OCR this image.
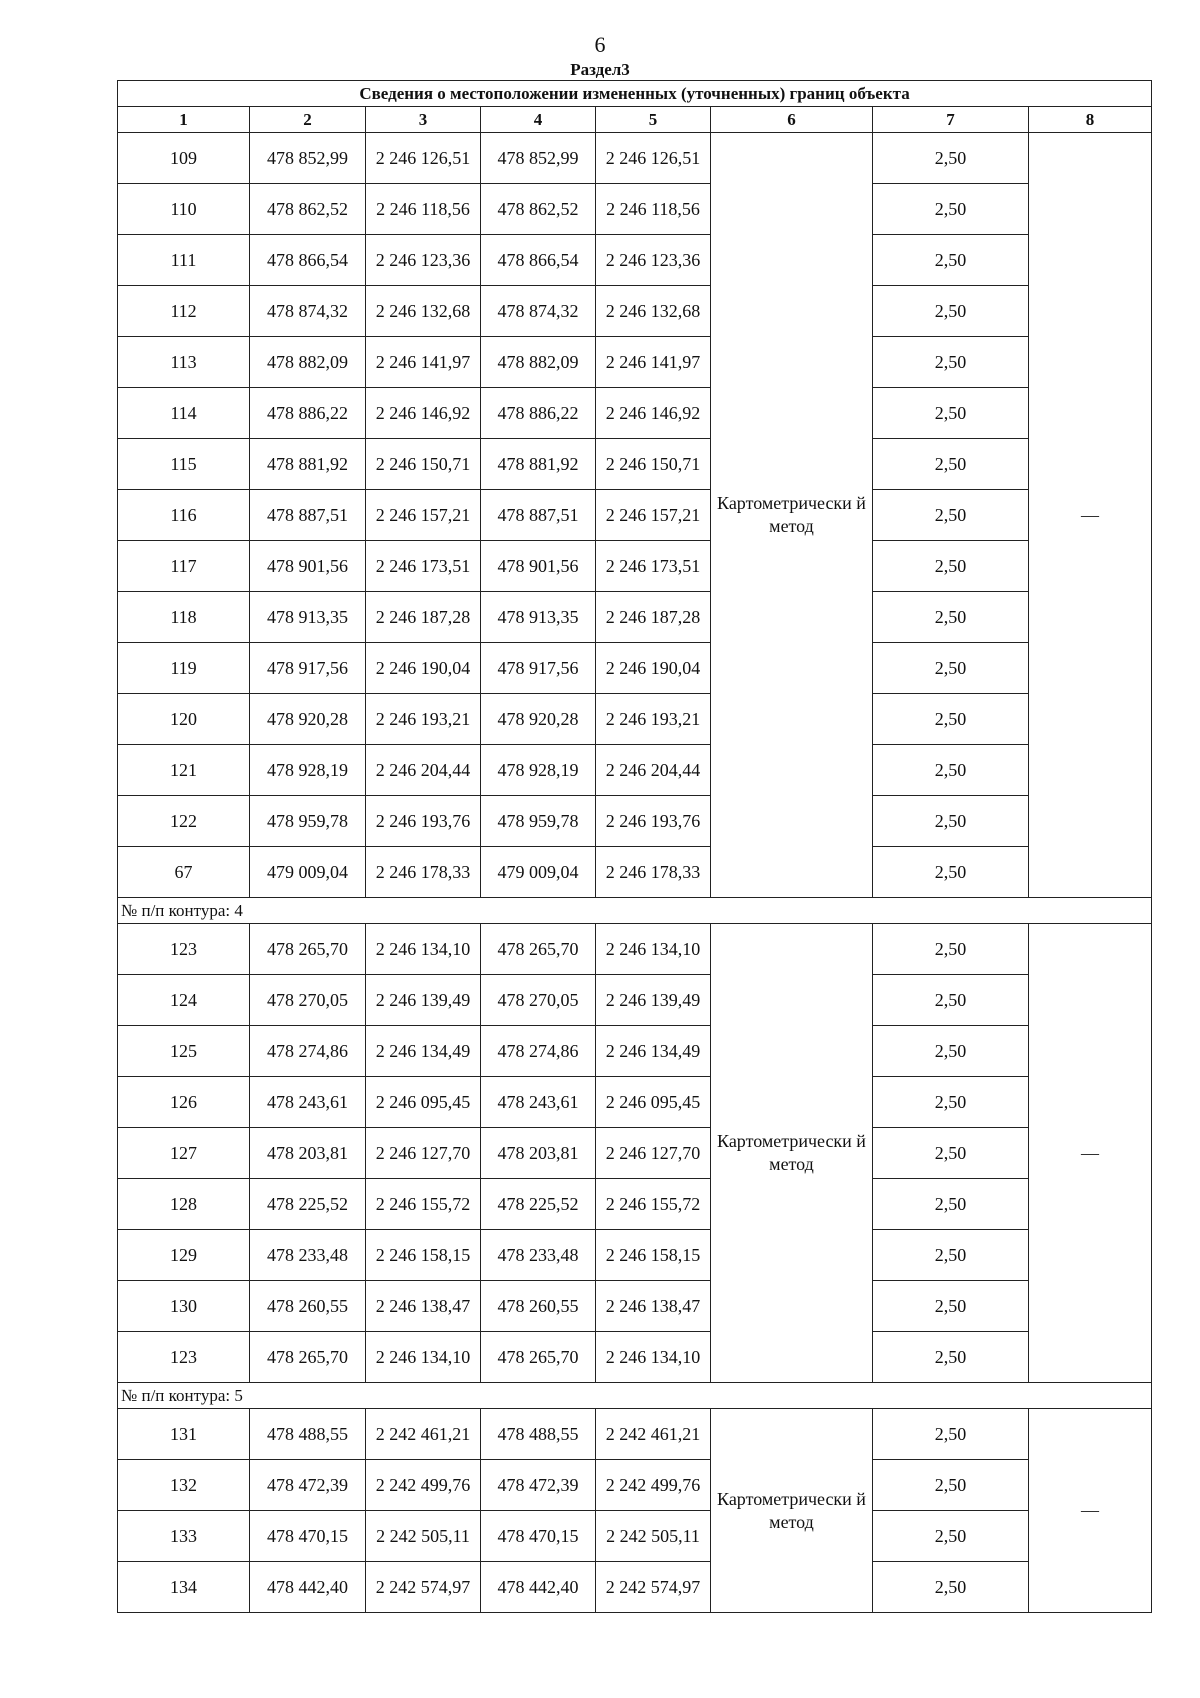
6
Раздел3
Сведения о местоположении измененных (уточненных) границ объекта							
1	2	3	4	5	6	7	8
109	478 852,99	2 246 126,51	478 852,99	2 246 126,51	Картометрически й метод	2,50	—
110	478 862,52	2 246 118,56	478 862,52	2 246 118,56		2,50	
111	478 866,54	2 246 123,36	478 866,54	2 246 123,36		2,50	
112	478 874,32	2 246 132,68	478 874,32	2 246 132,68		2,50	
113	478 882,09	2 246 141,97	478 882,09	2 246 141,97		2,50	
114	478 886,22	2 246 146,92	478 886,22	2 246 146,92		2,50	
115	478 881,92	2 246 150,71	478 881,92	2 246 150,71		2,50	
116	478 887,51	2 246 157,21	478 887,51	2 246 157,21		2,50	
117	478 901,56	2 246 173,51	478 901,56	2 246 173,51		2,50	
118	478 913,35	2 246 187,28	478 913,35	2 246 187,28		2,50	
119	478 917,56	2 246 190,04	478 917,56	2 246 190,04		2,50	
120	478 920,28	2 246 193,21	478 920,28	2 246 193,21		2,50	
121	478 928,19	2 246 204,44	478 928,19	2 246 204,44		2,50	
122	478 959,78	2 246 193,76	478 959,78	2 246 193,76		2,50	
67	479 009,04	2 246 178,33	479 009,04	2 246 178,33		2,50	
№ п/п контура: 4							
123	478 265,70	2 246 134,10	478 265,70	2 246 134,10	Картометрически й метод	2,50	—
124	478 270,05	2 246 139,49	478 270,05	2 246 139,49		2,50	
125	478 274,86	2 246 134,49	478 274,86	2 246 134,49		2,50	
126	478 243,61	2 246 095,45	478 243,61	2 246 095,45		2,50	
127	478 203,81	2 246 127,70	478 203,81	2 246 127,70		2,50	
128	478 225,52	2 246 155,72	478 225,52	2 246 155,72		2,50	
129	478 233,48	2 246 158,15	478 233,48	2 246 158,15		2,50	
130	478 260,55	2 246 138,47	478 260,55	2 246 138,47		2,50	
123	478 265,70	2 246 134,10	478 265,70	2 246 134,10		2,50	
№ п/п контура: 5							
131	478 488,55	2 242 461,21	478 488,55	2 242 461,21	Картометрически й метод	2,50	—
132	478 472,39	2 242 499,76	478 472,39	2 242 499,76		2,50	
133	478 470,15	2 242 505,11	478 470,15	2 242 505,11		2,50	
134	478 442,40	2 242 574,97	478 442,40	2 242 574,97		2,50	
